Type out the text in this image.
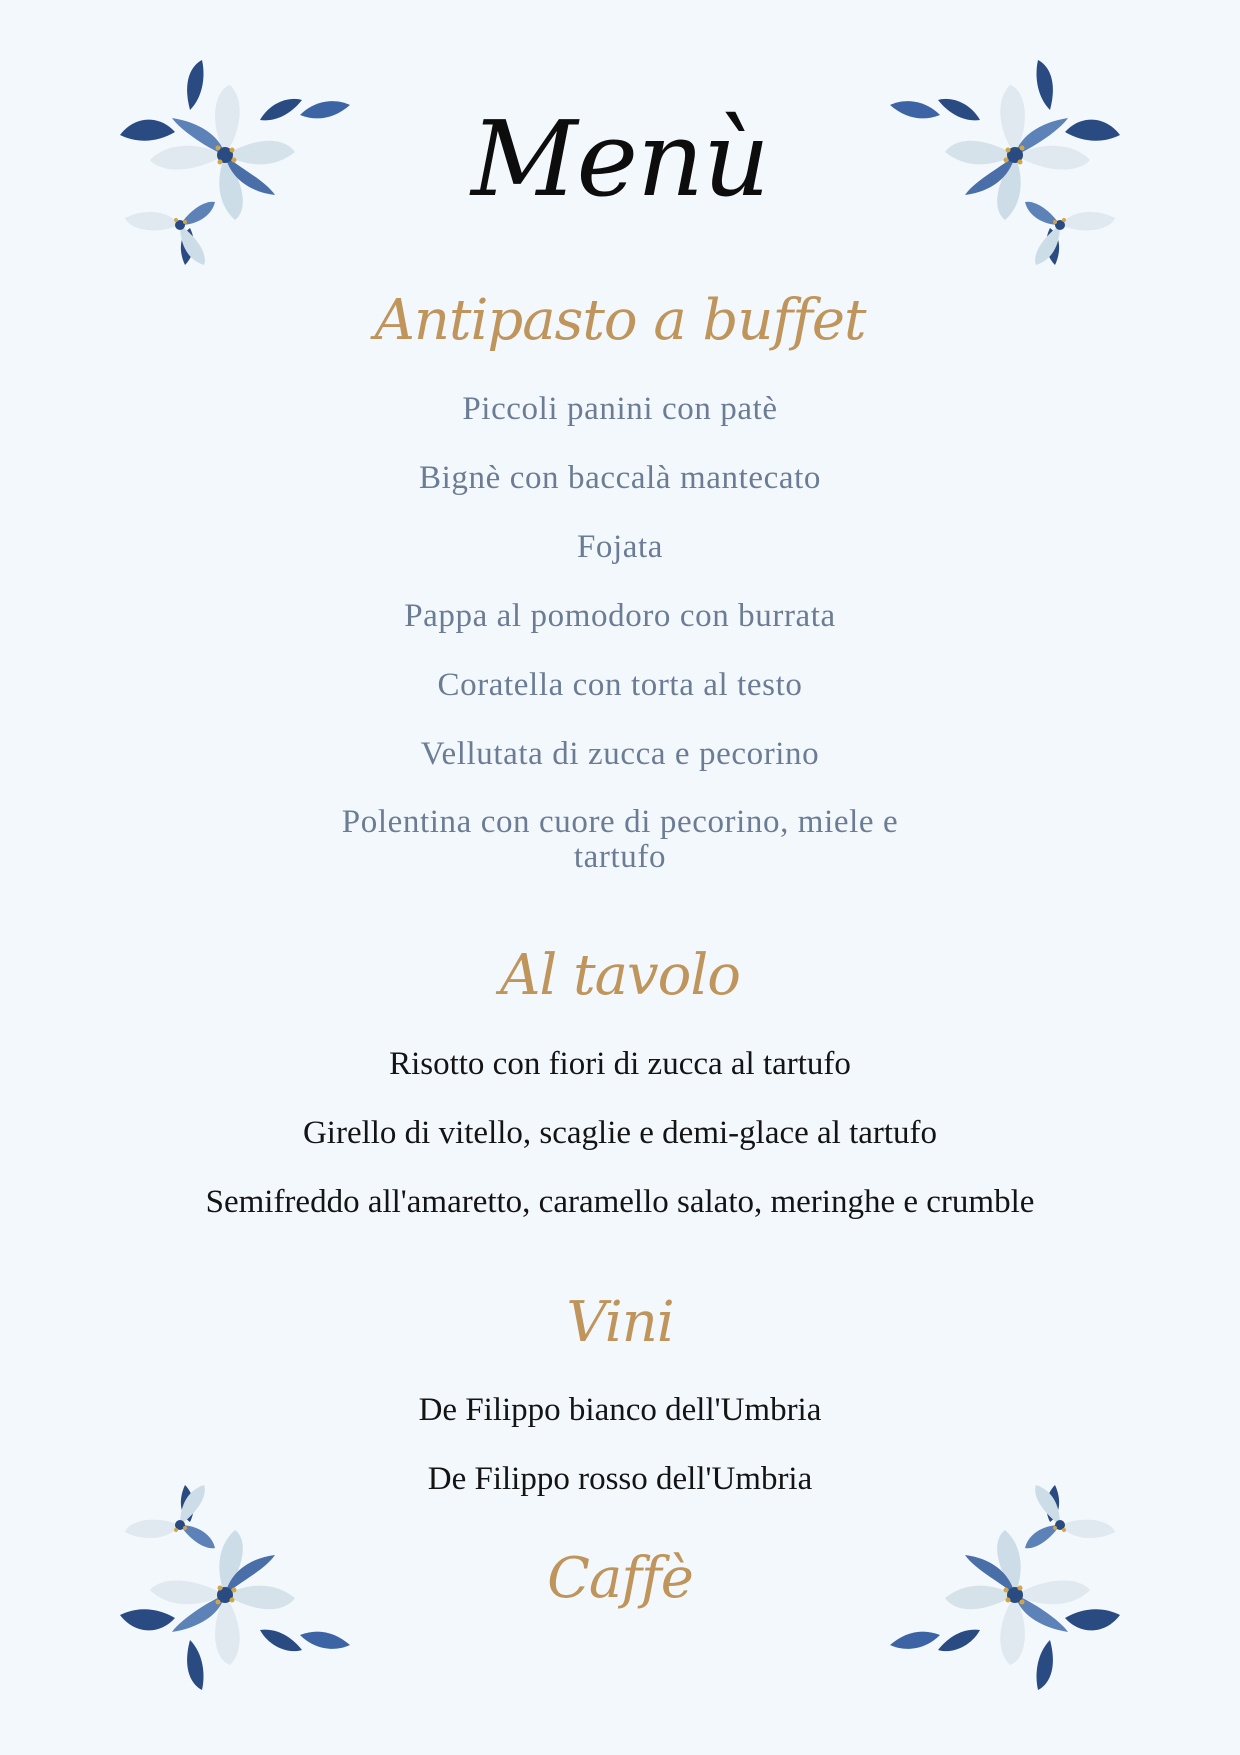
Menù
Antipasto a buffet
Piccoli panini con patè
Bignè con baccalà mantecato
Fojata
Pappa al pomodoro con burrata
Coratella con torta al testo
Vellutata di zucca e pecorino
Polentina con cuore di pecorino, miele e tartufo
Al tavolo
Risotto con fiori di zucca al tartufo
Girello di vitello, scaglie e demi-glace al tartufo
Semifreddo all'amaretto, caramello salato, meringhe e crumble
Vini
De Filippo bianco dell'Umbria
De Filippo rosso dell'Umbria
Caffè
